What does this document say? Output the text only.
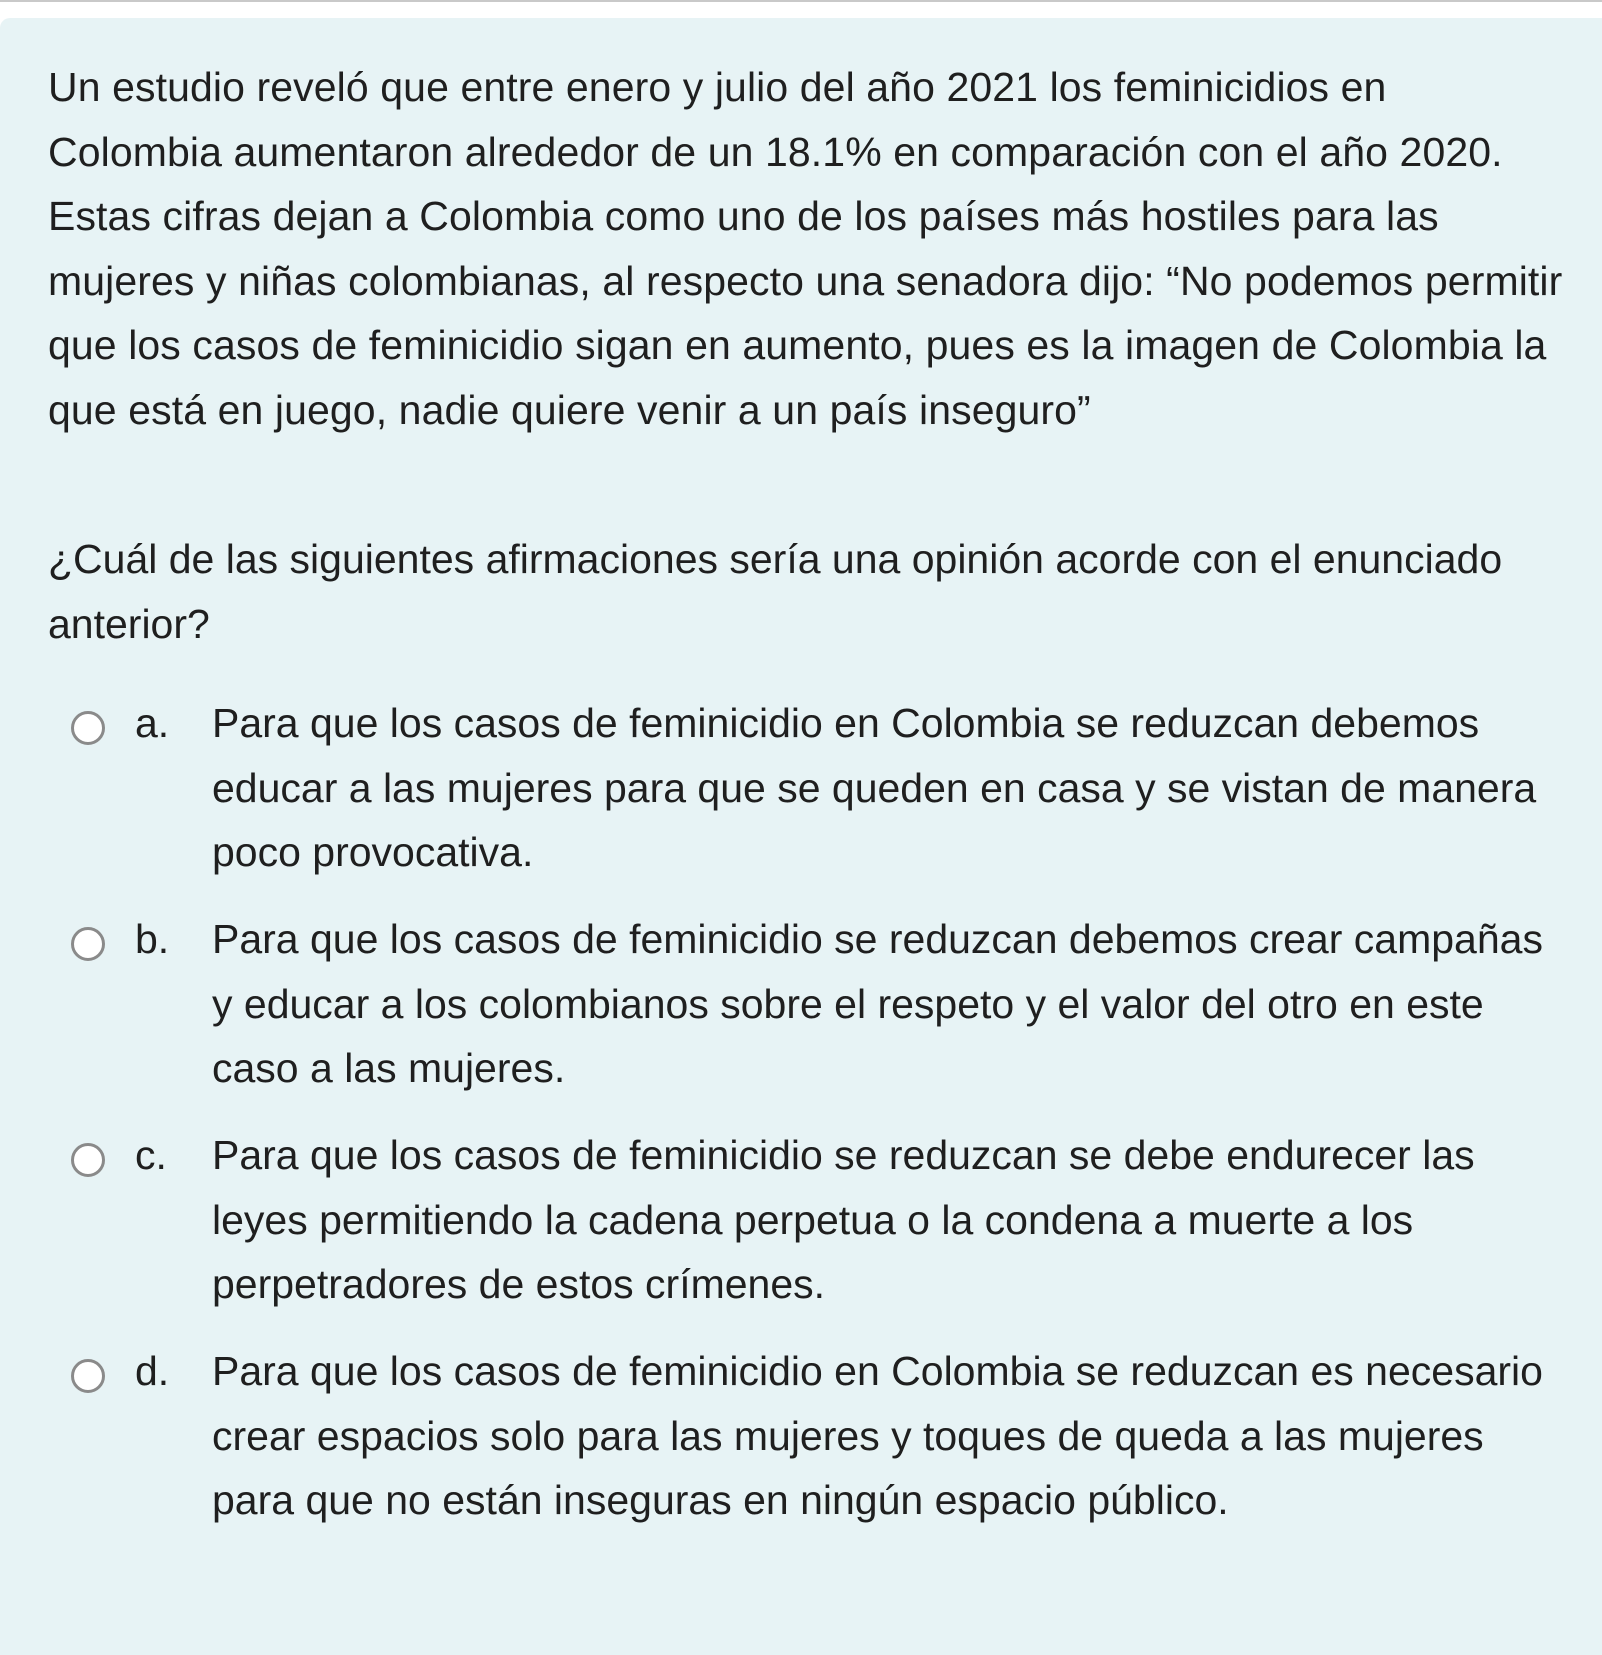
Un estudio reveló que entre enero y julio del año 2021 los feminicidios en Colombia aumentaron alrededor de un 18.1% en comparación con el año 2020. Estas cifras dejan a Colombia como uno de los países más hostiles para las mujeres y niñas colombianas, al respecto una senadora dijo: “No podemos permitir que los casos de feminicidio sigan en aumento, pues es la imagen de Colombia la que está en juego, nadie quiere venir a un país inseguro”

¿Cuál de las siguientes afirmaciones sería una opinión acorde con el enunciado anterior?

a. Para que los casos de feminicidio en Colombia se reduzcan debemos educar a las mujeres para que se queden en casa y se vistan de manera poco provocativa.
b. Para que los casos de feminicidio se reduzcan debemos crear campañas y educar a los colombianos sobre el respeto y el valor del otro en este caso a las mujeres.
c. Para que los casos de feminicidio se reduzcan se debe endurecer las leyes permitiendo la cadena perpetua o la condena a muerte a los perpetradores de estos crímenes.
d. Para que los casos de feminicidio en Colombia se reduzcan es necesario crear espacios solo para las mujeres y toques de queda a las mujeres para que no están inseguras en ningún espacio público.
